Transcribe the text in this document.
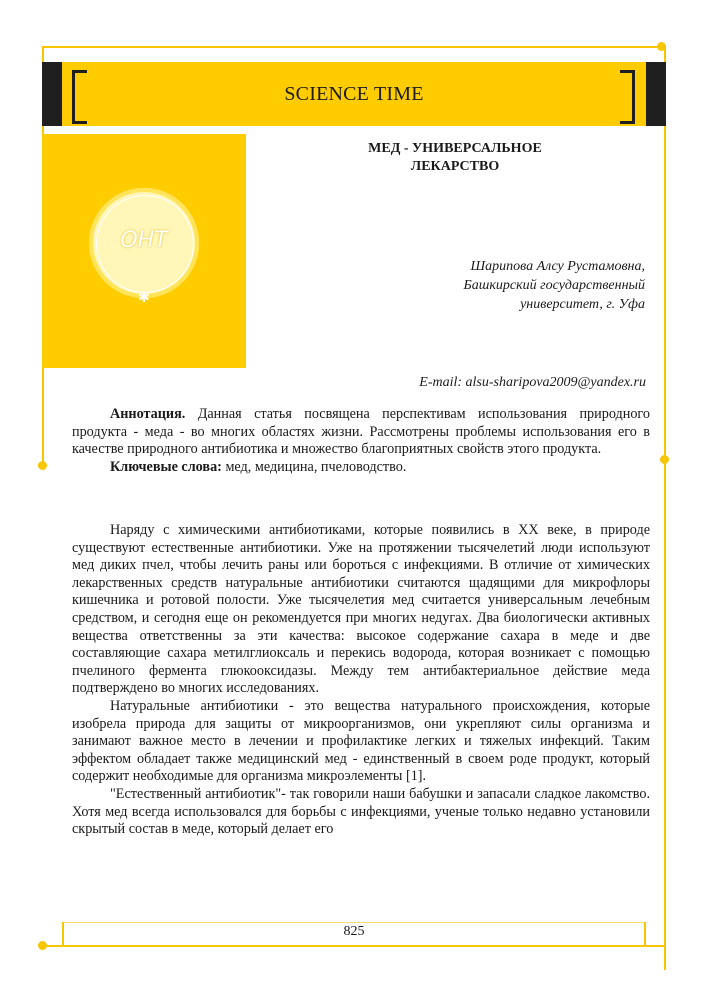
SCIENCE TIME
ОНТ
✱
МЕД - УНИВЕРСАЛЬНОЕ
ЛЕКАРСТВО
Шарипова Алсу Рустамовна,
Башкирский государственный
университет, г. Уфа
E-mail: alsu-sharipova2009@yandex.ru

Аннотация. Данная статья посвящена перспективам использования природного продукта - меда - во многих областях жизни. Рассмотрены проблемы использования его в качестве природного антибиотика и множество благоприятных свойств этого продукта.

Ключевые слова: мед, медицина, пчеловодство.

Наряду с химическими антибиотиками, которые появились в XX веке, в природе существуют естественные антибиотики. Уже на протяжении тысячелетий люди используют мед диких пчел, чтобы лечить раны или бороться с инфекциями. В отличие от химических лекарственных средств натуральные антибиотики считаются щадящими для микрофлоры кишечника и ротовой полости. Уже тысячелетия мед считается универсальным лечебным средством, и сегодня еще он рекомендуется при многих недугах. Два биологически активных вещества ответственны за эти качества: высокое содержание сахара в меде и две составляющие сахара метилглиоксаль и перекись водорода, которая возникает с помощью пчелиного фермента глюкооксидазы. Между тем антибактериальное действие меда подтверждено во многих исследованиях.

Натуральные антибиотики - это вещества натурального происхождения, которые изобрела природа для защиты от микроорганизмов, они укрепляют силы организма и занимают важное место в лечении и профилактике легких и тяжелых инфекций. Таким эффектом обладает также медицинский мед - единственный в своем роде продукт, который содержит необходимые для организма микроэлементы [1].

"Естественный антибиотик"- так говорили наши бабушки и запасали сладкое лакомство. Хотя мед всегда использовался для борьбы с инфекциями, ученые только недавно установили скрытый состав в меде, который делает его

825
